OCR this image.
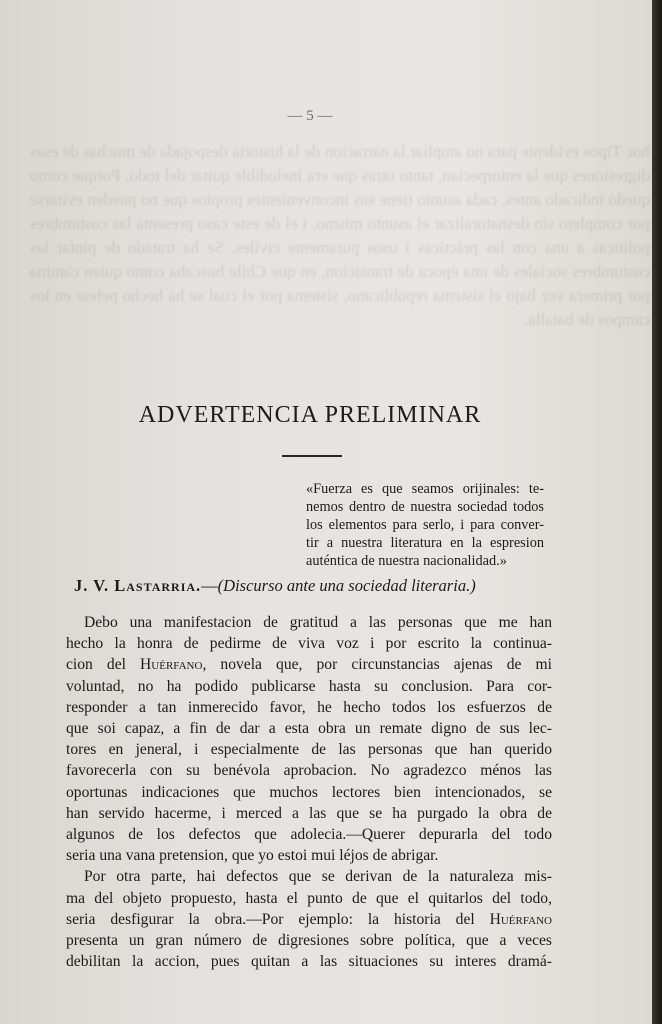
hoc Tipos evidente para no ampliar la narracion de la historia despojada de muchas de esas digresiones que la entorpecian, tanto otras que era ineludible quitar del todo. Porque como quedó indicado antes, cada asunto tiene sus inconvenientes propios que no pueden evitarse por completo sin desnaturalizar el asunto mismo, i el de este caso presenta las costumbres politicas a una con las prácticas i usos puramente civiles. Se ha tratado de pintar las costumbres sociales de una época de transicion, en que Chile buscaba como quien camina por primera vez bajo el sistema republicano, sistema por el cual se ha hecho pelear en los campos de batalla.
— 5 —
ADVERTENCIA PRELIMINAR
«Fuerza es que seamos orijinales: te-
nemos dentro de nuestra sociedad todos
los elementos para serlo, i para conver-
tir a nuestra literatura en la espresion
auténtica de nuestra nacionalidad.»
J. V. Lastarria.—(Discurso ante una sociedad literaria.)

Debo una manifestacion de gratitud a las personas que me han

hecho la honra de pedirme de viva voz i por escrito la continua-
cion del Huérfano, novela que, por circunstancias ajenas de mi
voluntad, no ha podido publicarse hasta su conclusion. Para cor-
responder a tan inmerecido favor, he hecho todos los esfuerzos de
que soi capaz, a fin de dar a esta obra un remate digno de sus lec-
tores en jeneral, i especialmente de las personas que han querido
favorecerla con su benévola aprobacion. No agradezco ménos las
oportunas indicaciones que muchos lectores bien intencionados, se
han servido hacerme, i merced a las que se ha purgado la obra de
algunos de los defectos que adolecia.—Querer depurarla del todo
seria una vana pretension, que yo estoi mui léjos de abrigar.

Por otra parte, hai defectos que se derivan de la naturaleza mis-

ma del objeto propuesto, hasta el punto de que el quitarlos del todo,
seria desfigurar la obra.—Por ejemplo: la historia del Huérfano
presenta un gran número de digresiones sobre política, que a veces
debilitan la accion, pues quitan a las situaciones su interes dramá-
